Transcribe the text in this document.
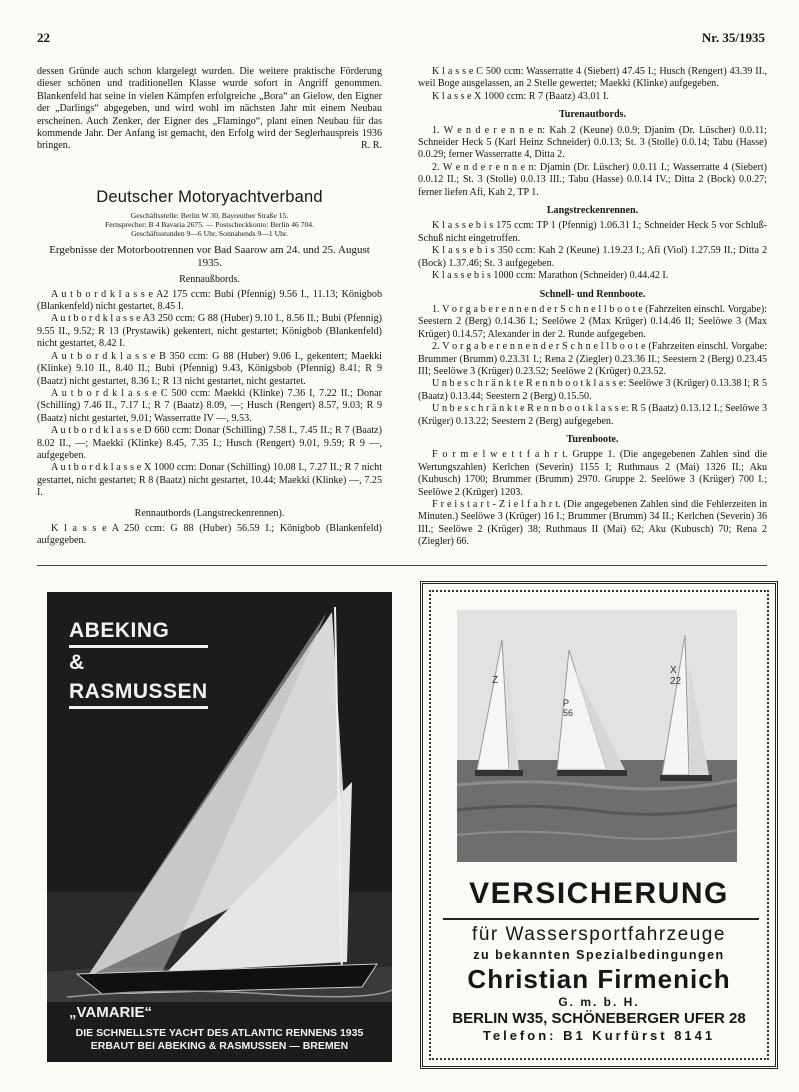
22	Nr. 35/1935

dessen Gründe auch schon klargelegt wurden. Die weitere praktische Förderung dieser schönen und traditionellen Klasse wurde sofort in Angriff genommen. Blankenfeld hat seine in vielen Kämpfen erfolgreiche „Bora“ an Gielow, den Eigner der „Darlings“ abgegeben, und wird wohl im nächsten Jahr mit einem Neubau erscheinen. Auch Zenker, der Eigner des „Flamingo“, plant einen Neubau für das kommende Jahr. Der Anfang ist gemacht, den Erfolg wird der Seglerhauspreis 1936 bringen.	R. R.

Deutscher Motoryachtverband
Geschäftsstelle: Berlin W 30, Bayreuther Straße 15.
Fernsprecher: B 4 Bavaria 2675. — Postscheckkonto: Berlin 46 704.
Geschäftsstunden 9—6 Uhr, Sonnabends 9—1 Uhr.

Ergebnisse der Motorbootrennen vor Bad Saarow am 24. und 25. August 1935.

Rennaußbords.

A u t b o r d k l a s s e A2 175 ccm: Bubi (Pfennig) 9.56 I., 11.13; Königbob (Blankenfeld) nicht gestartet, 8.45 I.

A u t b o r d k l a s s e A3 250 ccm: G 88 (Huber) 9.10 I., 8.56 II.; Bubi (Pfennig) 9.55 II., 9.52; R 13 (Prystawik) gekentert, nicht gestartet; Königbob (Blankenfeld) nicht gestartet, 8.42 I.

A u t b o r d k l a s s e B 350 ccm: G 88 (Huber) 9.06 I., gekentert; Maekki (Klinke) 9.10 II., 8.40 II.; Bubi (Pfennig) 9.43, Königsbob (Pfennig) 8.41; R 9 (Baatz) nicht gestartet, 8.36 I.; R 13 nicht gestartet, nicht gestartet.

A u t b o r d k l a s s e C 500 ccm: Maekki (Klinke) 7.36 I, 7.22 II.; Donar (Schilling) 7.46 II., 7.17 I.; R 7 (Baatz) 8.09, —; Husch (Rengert) 8.57, 9.03; R 9 (Baatz) nicht gestartet, 9.01; Wasserratte IV —, 9.53.

A u t b o r d k l a s s e D 660 ccm: Donar (Schilling) 7.58 I., 7.45 II.; R 7 (Baatz) 8.02 II., —; Maekki (Klinke) 8.45, 7.35 I.; Husch (Rengert) 9.01, 9.59; R 9 —, aufgegeben.

A u t b o r d k l a s s e X 1000 ccm: Donar (Schilling) 10.08 I., 7.27 II.; R 7 nicht gestartet, nicht gestartet; R 8 (Baatz) nicht gestartet, 10.44; Maekki (Klinke) —, 7.25 I.

Rennautbords (Langstreckenrennen).

K l a s s e A 250 ccm: G 88 (Huber) 56.59 I.; Königbob (Blankenfeld) aufgegeben.

K l a s s e C 500 ccm: Wasserratte 4 (Siebert) 47.45 I.; Husch (Rengert) 43.39 II., weil Boge ausgelassen, an 2 Stelle gewertet; Maekki (Klinke) aufgegeben.

K l a s s e X 1000 ccm: R 7 (Baatz) 43.01 I.

Turenautbords.

1. W e n d e r e n n e n: Kah 2 (Keune) 0.0.9; Djanim (Dr. Lüscher) 0.0.11; Schneider Heck 5 (Karl Heinz Schneider) 0.0.13; St. 3 (Stolle) 0.0.14; Tabu (Hasse) 0.0.29; ferner Wasserratte 4, Ditta 2.

2. W e n d e r e n n e n: Djamin (Dr. Lüscher) 0.0.11 I.; Wasserratte 4 (Siebert) 0.0.12 II.; St. 3 (Stolle) 0.0.13 III.; Tabu (Hasse) 0.0.14 IV.; Ditta 2 (Bock) 0.0.27; ferner liefen Afi, Kah 2, TP 1.

Langstreckenrennen.

K l a s s e b i s 175 ccm: TP 1 (Pfennig) 1.06.31 I.; Schneider Heck 5 vor Schluß-Schuß nicht eingetroffen.

K l a s s e b i s 350 ccm: Kah 2 (Keune) 1.19.23 I.; Afi (Viol) 1.27.59 II.; Ditta 2 (Bock) 1.37.46; St. 3 aufgegeben.

K l a s s e b i s 1000 ccm: Marathon (Schneider) 0.44.42 I.

Schnell- und Rennboote.

1. V o r g a b e r e n n e n d e r S c h n e l l b o o t e (Fahrzeiten einschl. Vorgabe): Seestern 2 (Berg) 0.14.36 I.; Seelöwe 2 (Max Krüger) 0.14.46 II; Seelöwe 3 (Max Krüger) 0.14.57; Alexander in der 2. Runde aufgegeben.

2. V o r g a b e r e n n e n d e r S c h n e l l b o o t e (Fahrzeiten einschl. Vorgabe: Brummer (Brumm) 0.23.31 I.; Rena 2 (Ziegler) 0.23.36 II.; Seestern 2 (Berg) 0.23.45 III; Seelöwe 3 (Krüger) 0.23.52; Seelöwe 2 (Krüger) 0.23.52.

U n b e s c h r ä n k t e R e n n b o o t k l a s s e: Seelöwe 3 (Krüger) 0.13.38 I; R 5 (Baatz) 0.13.44; Seestern 2 (Berg) 0.15.50.

U n b e s c h r ä n k t e R e n n b o o t k l a s s e: R 5 (Baatz) 0.13.12 I.; Seelöwe 3 (Krüger) 0.13.22; Seestern 2 (Berg) aufgegeben.

Turenboote.

F o r m e l w e t t f a h r t. Gruppe 1. (Die angegebenen Zahlen sind die Wertungszahlen) Kerlchen (Severin) 1155 I; Ruthmaus 2 (Mai) 1326 II.; Aku (Kubusch) 1700; Brummer (Brumm) 2970. Gruppe 2. Seelöwe 3 (Krüger) 700 I.; Seelöwe 2 (Krüger) 1203.

F r e i s t a r t - Z i e l f a h r t. (Die angegebenen Zahlen sind die Fehlerzeiten in Minuten.) Seelöwe 3 (Krüger) 16 I.; Brummer (Brumm) 34 II.; Kerlchen (Severin) 36 III.; Seelöwe 2 (Krüger) 38; Ruthmaus II (Mai) 62; Aku (Kubusch) 70; Rena 2 (Ziegler) 66.

ABEKING
&
RASMUSSEN
„VAMARIE“
DIE SCHNELLSTE YACHT DES ATLANTIC RENNENS 1935
ERBAUT BEI ABEKING & RASMUSSEN — BREMEN
Z
P 56
X 22
VERSICHERUNG
für Wassersportfahrzeuge
zu bekannten Spezialbedingungen
Christian Firmenich
G. m. b. H.
BERLIN W35, SCHÖNEBERGER UFER 28
Telefon: B1 Kurfürst 8141
